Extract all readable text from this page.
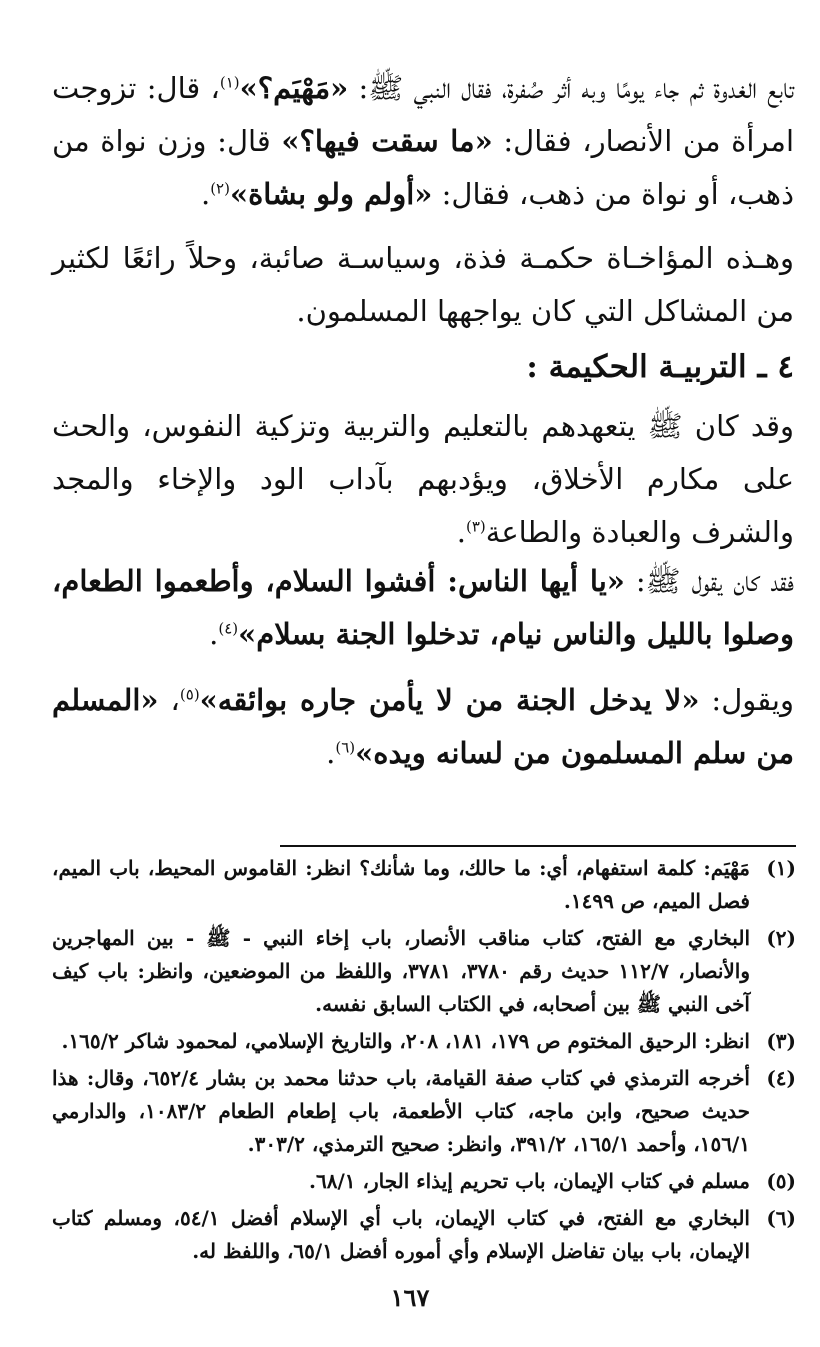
تابع الغدوة ثم جاء يومًا وبه أثر صُفرة، فقال النبي ﷺ: «مَهْيَم؟»$^{(١)}$، قال: تزوجت امرأة من الأنصار، فقال: «ما سقت فيها؟» قال: وزن نواة من ذهب، أو نواة من ذهب، فقال: «أولم ولو بشاة»$^{(٢)}$.
وهـذه المؤاخـاة حكمـة فذة، وسياسـة صائبة، وحلاً رائعًا لكثير من المشاكل التي كان يواجهها المسلمون.
٤ ـ التربيـة الحكيمة :
وقد كان ﷺ يتعهدهم بالتعليم والتربية وتزكية النفوس، والحث على مكارم الأخلاق، ويؤدبهم بآداب الود والإخاء والمجد والشرف والعبادة والطاعة$^{(٣)}$.
فقد كان يقول ﷺ: «يا أيها الناس: أفشوا السلام، وأطعموا الطعام، وصلوا بالليل والناس نيام، تدخلوا الجنة بسلام»$^{(٤)}$.
ويقول: «لا يدخل الجنة من لا يأمن جاره بوائقه»$^{(٥)}$، «المسلم من سلم المسلمون من لسانه ويده»$^{(٦)}$.
(١)
مَهْيَم: كلمة استفهام، أي: ما حالك، وما شأنك؟ انظر: القاموس المحيط، باب الميم، فصل الميم، ص ١٤٩٩.
(٢)
البخاري مع الفتح، كتاب مناقب الأنصار، باب إخاء النبي - ﷺ - بين المهاجرين والأنصار، ١١٢/٧ حديث رقم ٣٧٨٠، ٣٧٨١، واللفظ من الموضعين، وانظر: باب كيف آخى النبي ﷺ بين أصحابه، في الكتاب السابق نفسه.
(٣)
انظر: الرحيق المختوم ص ١٧٩، ١٨١، ٢٠٨، والتاريخ الإسلامي، لمحمود شاكر ١٦٥/٢.
(٤)
أخرجه الترمذي في كتاب صفة القيامة، باب حدثنا محمد بن بشار ٦٥٢/٤، وقال: هذا حديث صحيح، وابن ماجه، كتاب الأطعمة، باب إطعام الطعام ١٠٨٣/٢، والدارمي ١٥٦/١، وأحمد ١٦٥/١، ٣٩١/٢، وانظر: صحيح الترمذي، ٣٠٣/٢.
(٥)
مسلم في كتاب الإيمان، باب تحريم إيذاء الجار، ٦٨/١.
(٦)
البخاري مع الفتح، في كتاب الإيمان، باب أي الإسلام أفضل ٥٤/١، ومسلم كتاب الإيمان، باب بيان تفاضل الإسلام وأي أموره أفضل ٦٥/١، واللفظ له.
١٦٧
